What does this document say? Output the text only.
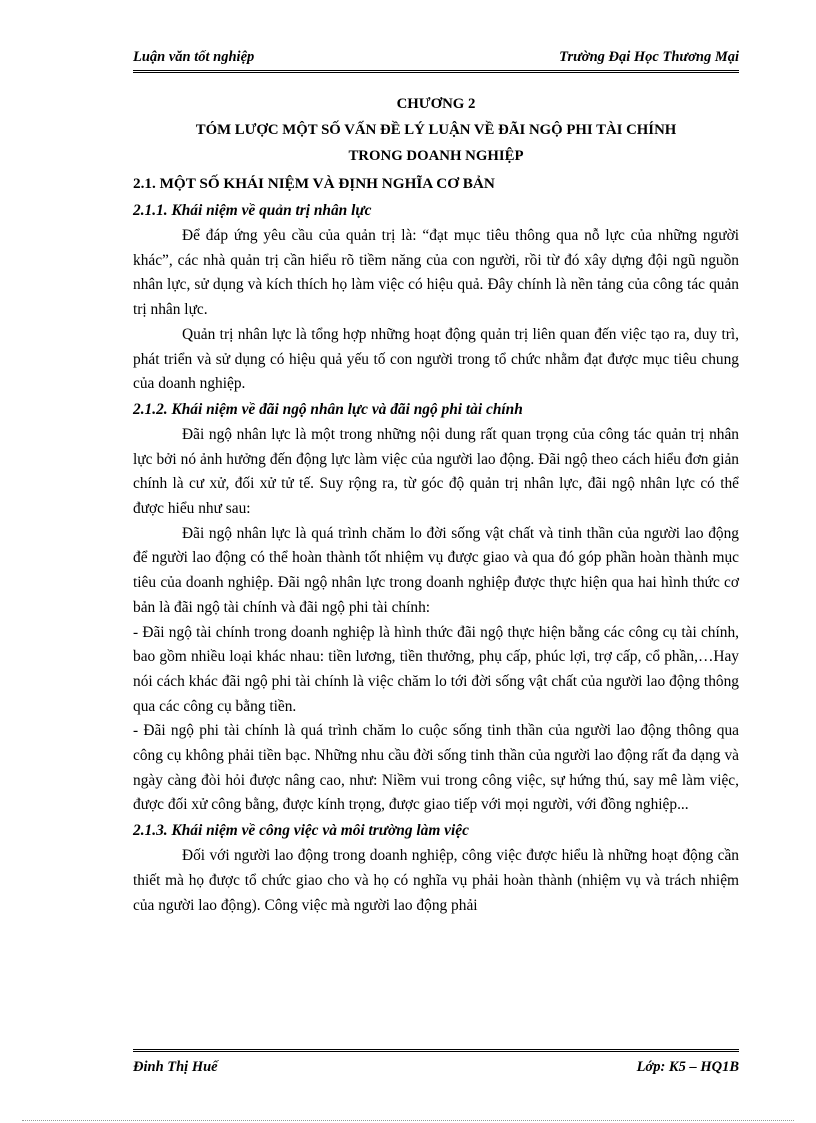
Luận văn tốt nghiệp	Trường Đại Học Thương Mại

CHƯƠNG 2

TÓM LƯỢC MỘT SỐ VẤN ĐỀ LÝ LUẬN VỀ ĐÃI NGỘ PHI TÀI CHÍNH

TRONG DOANH NGHIỆP

2.1. MỘT SỐ KHÁI NIỆM VÀ ĐỊNH NGHĨA CƠ BẢN

2.1.1. Khái niệm về quản trị nhân lực

Để đáp ứng yêu cầu của quản trị là: “đạt mục tiêu thông qua nỗ lực của những người khác”, các nhà quản trị cần hiểu rõ tiềm năng của con người, rồi từ đó xây dựng đội ngũ nguồn nhân lực, sử dụng và kích thích họ làm việc có hiệu quả. Đây chính là nền tảng của công tác quản trị nhân lực.

Quản trị nhân lực là tổng hợp những hoạt động quản trị liên quan đến việc tạo ra, duy trì, phát triển và sử dụng có hiệu quả yếu tố con người trong tổ chức nhằm đạt được mục tiêu chung của doanh nghiệp.

2.1.2. Khái niệm về đãi ngộ nhân lực và đãi ngộ phi tài chính

Đãi ngộ nhân lực là một trong những nội dung rất quan trọng của công tác quản trị nhân lực bởi nó ảnh hưởng đến động lực làm việc của người lao động. Đãi ngộ theo cách hiểu đơn giản chính là cư xử, đối xử tử tế. Suy rộng ra, từ góc độ quản trị nhân lực, đãi ngộ nhân lực có thể được hiểu như sau:

Đãi ngộ nhân lực là quá trình chăm lo đời sống vật chất và tinh thần của người lao động để người lao động có thể hoàn thành tốt nhiệm vụ được giao và qua đó góp phần hoàn thành mục tiêu của doanh nghiệp. Đãi ngộ nhân lực trong doanh nghiệp được thực hiện qua hai hình thức cơ bản là đãi ngộ tài chính và đãi ngộ phi tài chính:

- Đãi ngộ tài chính trong doanh nghiệp là hình thức đãi ngộ thực hiện bằng các công cụ tài chính, bao gồm nhiều loại khác nhau: tiền lương, tiền thưởng, phụ cấp, phúc lợi, trợ cấp, cổ phần,…Hay nói cách khác đãi ngộ phi tài chính là việc chăm lo tới đời sống vật chất của người lao động thông qua các công cụ bằng tiền.

- Đãi ngộ phi tài chính là quá trình chăm lo cuộc sống tinh thần của người lao động thông qua công cụ không phải tiền bạc. Những nhu cầu đời sống tinh thần của người lao động rất đa dạng và ngày càng đòi hỏi được nâng cao, như: Niềm vui trong công việc, sự hứng thú, say mê làm việc, được đối xử công bằng, được kính trọng, được giao tiếp với mọi người, với đồng nghiệp...

2.1.3. Khái niệm về công việc và môi trường làm việc

Đối với người lao động trong doanh nghiệp, công việc được hiểu là những hoạt động cần thiết mà họ được tổ chức giao cho và họ có nghĩa vụ phải hoàn thành (nhiệm vụ và trách nhiệm của người lao động). Công việc mà người lao động phải

Đinh Thị Huế	Lớp: K5 – HQ1B
